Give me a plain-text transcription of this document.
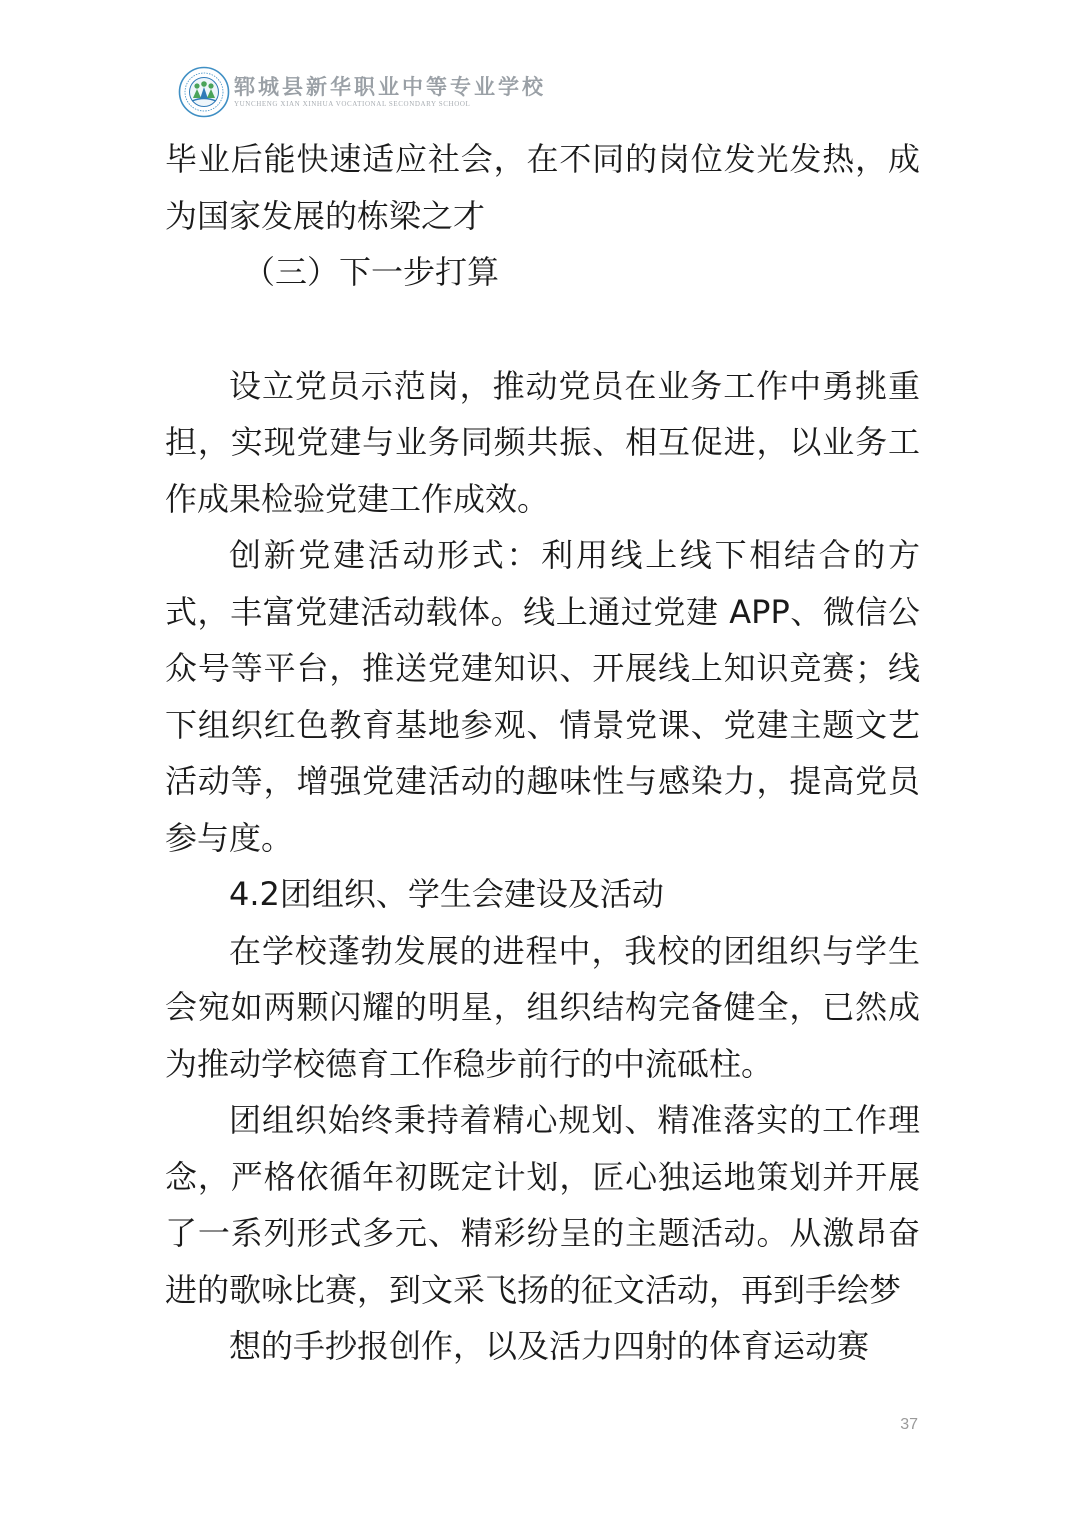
郓城县新华职业中等专业学校
YUNCHENG XIAN XINHUA VOCATIONAL SECONDARY SCHOOL

毕业后能快速适应社会，在不同的岗位发光发热，成为国家发展的栋梁之才

（三）下一步打算

设立党员示范岗，推动党员在业务工作中勇挑重担，实现党建与业务同频共振、相互促进，以业务工作成果检验党建工作成效。

创新党建活动形式：利用线上线下相结合的方式，丰富党建活动载体。线上通过党建 APP、微信公众号等平台，推送党建知识、开展线上知识竞赛；线下组织红色教育基地参观、情景党课、党建主题文艺活动等，增强党建活动的趣味性与感染力，提高党员参与度。

4.2团组织、学生会建设及活动

在学校蓬勃发展的进程中，我校的团组织与学生会宛如两颗闪耀的明星，组织结构完备健全，已然成为推动学校德育工作稳步前行的中流砥柱。

团组织始终秉持着精心规划、精准落实的工作理念，严格依循年初既定计划，匠心独运地策划并开展了一系列形式多元、精彩纷呈的主题活动。从激昂奋进的歌咏比赛，到文采飞扬的征文活动，再到手绘梦

想的手抄报创作，以及活力四射的体育运动赛

37
